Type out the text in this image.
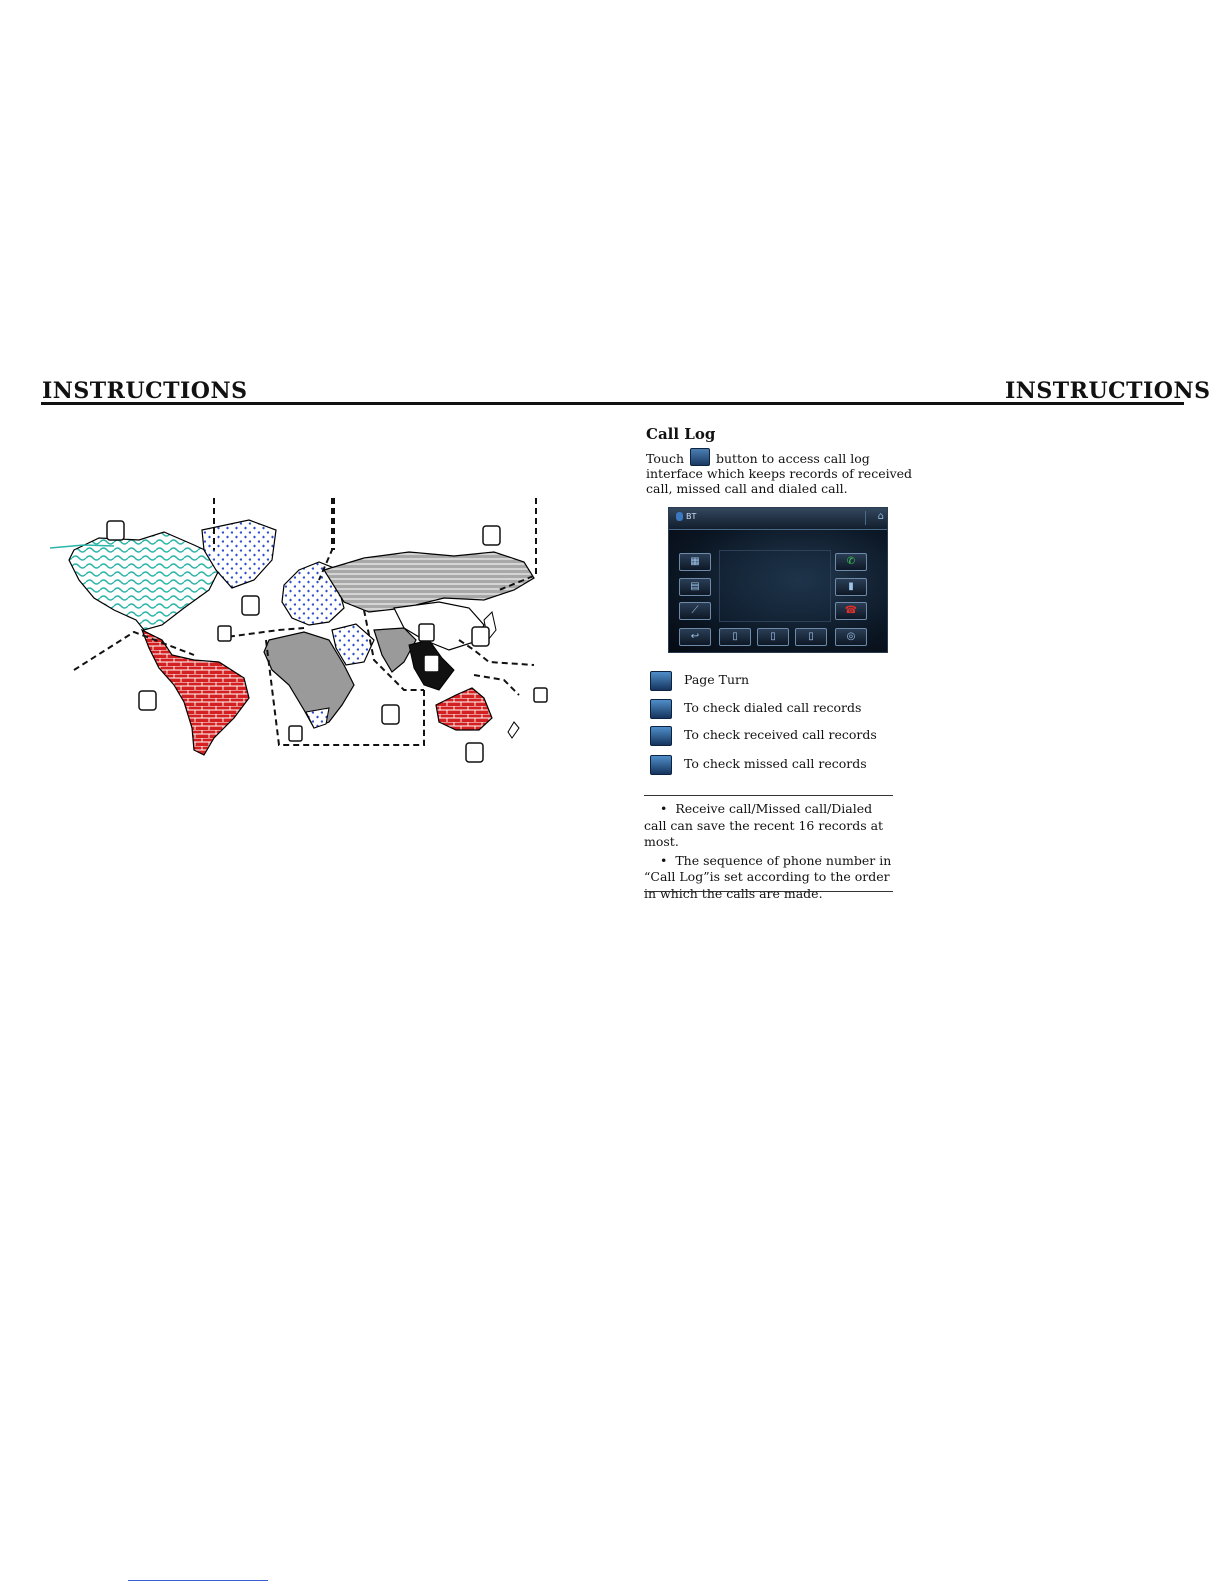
INSTRUCTIONS	INSTRUCTIONS
Call Log
Touch	button to access call log interface which keeps records of received call, missed call and dialed call.
BT	⌂
▦
▤
⟋
✆
▮
☎
↩	▯	▯	▯	◎
Page Turn
To check dialed call records
To check received call records
To check missed call records
• Receive call/Missed call/Dialed call can save the recent 16 records at most.
• The sequence of phone number in “Call Log”is set according to the order in which the calls are made.
